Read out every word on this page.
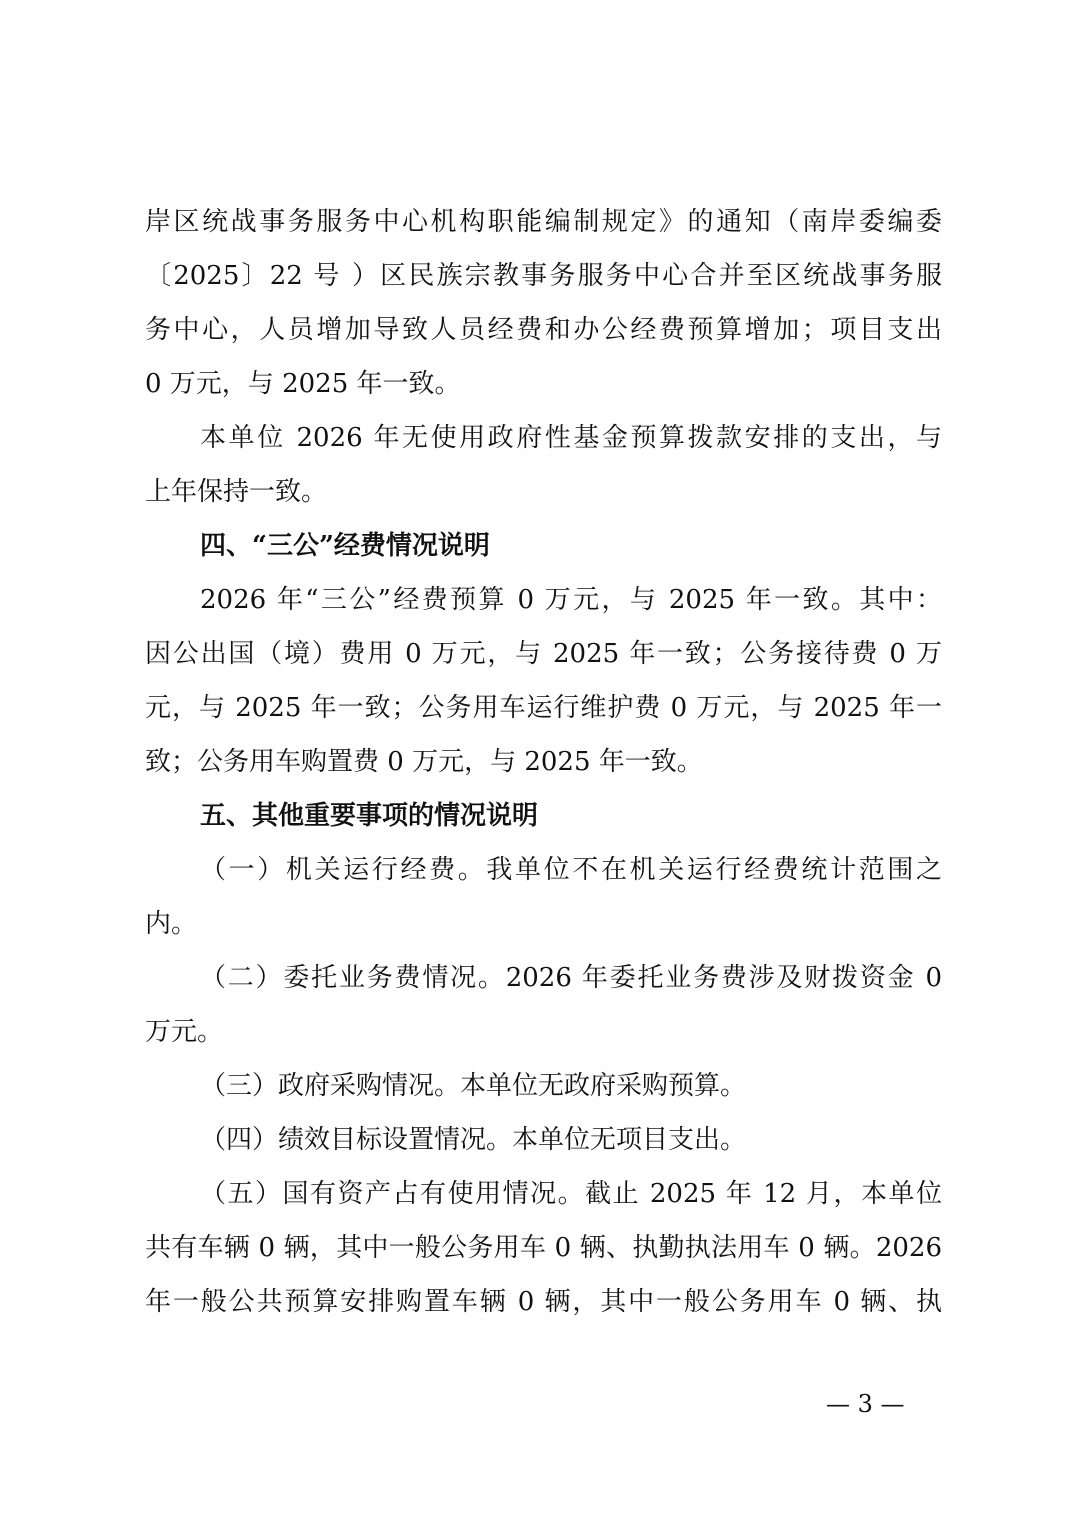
岸区统战事务服务中心机构职能编制规定》的通知（南岸委编委
〔2025〕22 号 ）区民族宗教事务服务中心合并至区统战事务服
务中心，人员增加导致人员经费和办公经费预算增加；项目支出
0 万元，与 2025 年一致。
本单位 2026 年无使用政府性基金预算拨款安排的支出，与
上年保持一致。
四、“三公”经费情况说明
2026 年“三公”经费预算 0 万元，与 2025 年一致。其中：
因公出国（境）费用 0 万元，与 2025 年一致；公务接待费 0 万
元，与 2025 年一致；公务用车运行维护费 0 万元，与 2025 年一
致；公务用车购置费 0 万元，与 2025 年一致。
五、其他重要事项的情况说明
（一）机关运行经费。我单位不在机关运行经费统计范围之
内。
（二）委托业务费情况。2026 年委托业务费涉及财拨资金 0
万元。
（三）政府采购情况。本单位无政府采购预算。
（四）绩效目标设置情况。本单位无项目支出。
（五）国有资产占有使用情况。截止 2025 年 12 月，本单位
共有车辆 0 辆，其中一般公务用车 0 辆、执勤执法用车 0 辆。2026
年一般公共预算安排购置车辆 0 辆，其中一般公务用车 0 辆、执
— 3 —
